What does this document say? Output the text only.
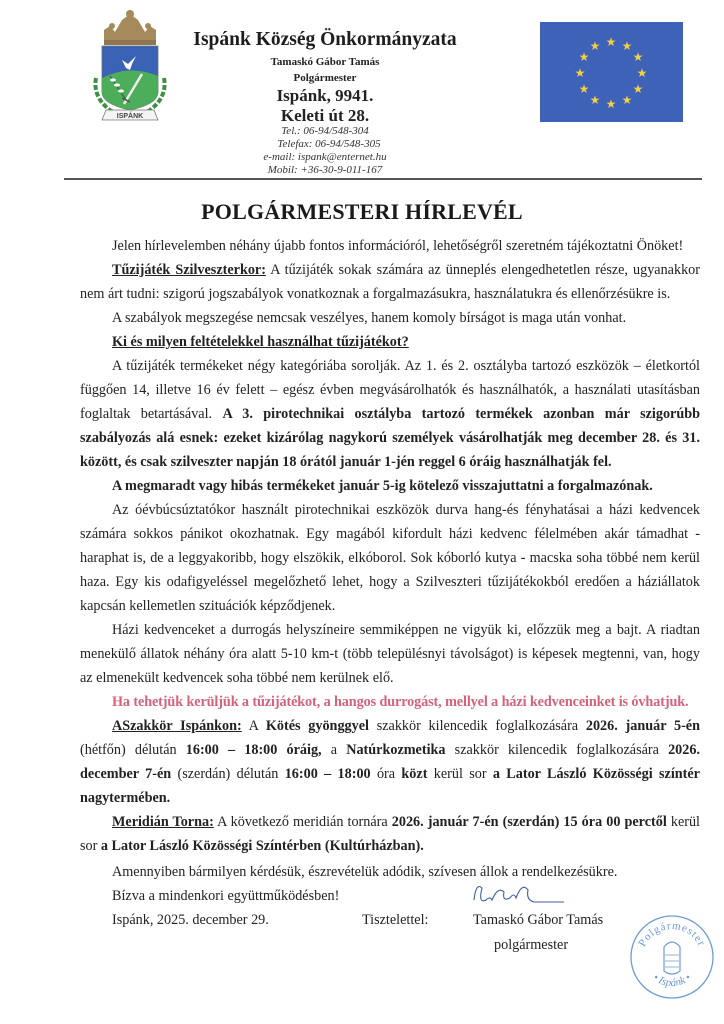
ISPÁNK
Ispánk Község Önkormányzata
Tamaskó Gábor Tamás
Polgármester
Ispánk, 9941.
Keleti út 28.
Tel.: 06-94/548-304
Telefax: 06-94/548-305
e-mail: ispank@enternet.hu
Mobil: +36-30-9-011-167
★ ★
★
★
★
★
★
★
★
★
★
★
POLGÁRMESTERI HÍRLEVÉL

Jelen hírlevelemben néhány újabb fontos információról, lehetőségről szeretném tájékoztatni Önöket!

Tűzijáték Szilveszterkor: A tűzijáték sokak számára az ünneplés elengedhetetlen része, ugyanakkor nem árt tudni: szigorú jogszabályok vonatkoznak a forgalmazásukra, használatukra és ellenőrzésükre is.

A szabályok megszegése nemcsak veszélyes, hanem komoly bírságot is maga után vonhat.

Ki és milyen feltételekkel használhat tűzijátékot?

A tűzijáték termékeket négy kategóriába sorolják. Az 1. és 2. osztályba tartozó eszközök – életkortól függően 14, illetve 16 év felett – egész évben megvásárolhatók és használhatók, a használati utasításban foglaltak betartásával. A 3. pirotechnikai osztályba tartozó termékek azonban már szigorúbb szabályozás alá esnek: ezeket kizárólag nagykorú személyek vásárolhatják meg december 28. és 31. között, és csak szilveszter napján 18 órától január 1-jén reggel 6 óráig használhatják fel.

A megmaradt vagy hibás termékeket január 5-ig kötelező visszajuttatni a forgalmazónak.

Az óévbúcsúztatókor használt pirotechnikai eszközök durva hang-és fényhatásai a házi kedvencek számára sokkos pánikot okozhatnak. Egy magából kifordult házi kedvenc félelmében akár támadhat - haraphat is, de a leggyakoribb, hogy elszökik, elkóborol. Sok kóborló kutya - macska soha többé nem kerül haza. Egy kis odafigyeléssel megelőzhető lehet, hogy a Szilveszteri tűzijátékokból eredően a háziállatok kapcsán kellemetlen szituációk képződjenek.

Házi kedvenceket a durrogás helyszíneire semmiképpen ne vigyük ki, előzzük meg a bajt. A riadtan menekülő állatok néhány óra alatt 5-10 km-t (több településnyi távolságot) is képesek megtenni, van, hogy az elmenekült kedvencek soha többé nem kerülnek elő.

Ha tehetjük kerüljük a tűzijátékot, a hangos durrogást, mellyel a házi kedvenceinket is óvhatjuk.

ASzakkör Ispánkon: A Kötés gyönggyel szakkör kilencedik foglalkozására 2026. január 5-én (hétfőn) délután 16:00 – 18:00 óráig, a Natúrkozmetika szakkör kilencedik foglalkozására 2026. december 7-én (szerdán) délután 16:00 – 18:00 óra közt kerül sor a Lator László Közösségi színtér nagytermében.

Meridián Torna: A következő meridián tornára 2026. január 7-én (szerdán) 15 óra 00 perctől kerül sor a Lator László Közösségi Színtérben (Kultúrházban).

Amennyiben bármilyen kérdésük, észrevételük adódik, szívesen állok a rendelkezésükre.

Bízva a mindenkori együttműködésben!

Ispánk, 2025. december 29.	Tisztelettel:	Tamaskó Gábor Tamás
polgármester	Polgármester
• Ispánk •
